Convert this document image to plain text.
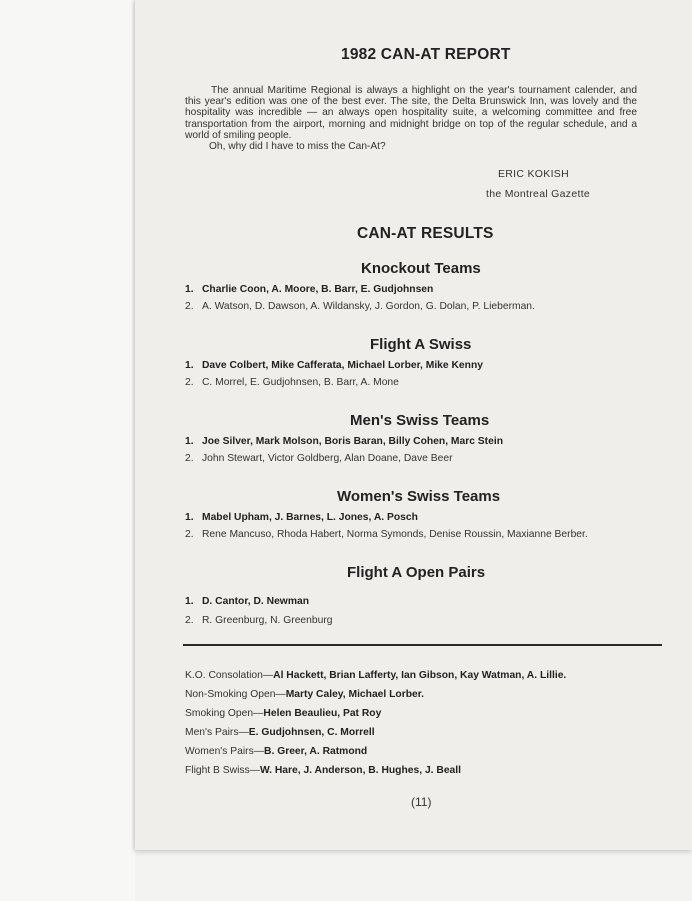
1982 CAN-AT REPORT

The annual Maritime Regional is always a highlight on the year's tournament calender, and this year's edition was one of the best ever. The site, the Delta Brunswick Inn, was lovely and the hospitality was incredible — an always open hospitality suite, a welcoming committee and free transportation from the airport, morning and midnight bridge on top of the regular schedule, and a world of smiling people.

Oh, why did I have to miss the Can-At?

ERIC KOKISH
the Montreal Gazette
CAN-AT RESULTS
Knockout Teams
1. Charlie Coon, A. Moore, B. Barr, E. Gudjohnsen
2. A. Watson, D. Dawson, A. Wildansky, J. Gordon, G. Dolan, P. Lieberman.
Flight A Swiss
1. Dave Colbert, Mike Cafferata, Michael Lorber, Mike Kenny
2. C. Morrel, E. Gudjohnsen, B. Barr, A. Mone
Men's Swiss Teams
1. Joe Silver, Mark Molson, Boris Baran, Billy Cohen, Marc Stein
2. John Stewart, Victor Goldberg, Alan Doane, Dave Beer
Women's Swiss Teams
1. Mabel Upham, J. Barnes, L. Jones, A. Posch
2. Rene Mancuso, Rhoda Habert, Norma Symonds, Denise Roussin, Maxianne Berber.
Flight A Open Pairs
1. D. Cantor, D. Newman
2. R. Greenburg, N. Greenburg
K.O. Consolation—Al Hackett, Brian Lafferty, Ian Gibson, Kay Watman, A. Lillie.
Non-Smoking Open—Marty Caley, Michael Lorber.
Smoking Open—Helen Beaulieu, Pat Roy
Men's Pairs—E. Gudjohnsen, C. Morrell
Women's Pairs—B. Greer, A. Ratmond
Flight B Swiss—W. Hare, J. Anderson, B. Hughes, J. Beall
(11)
